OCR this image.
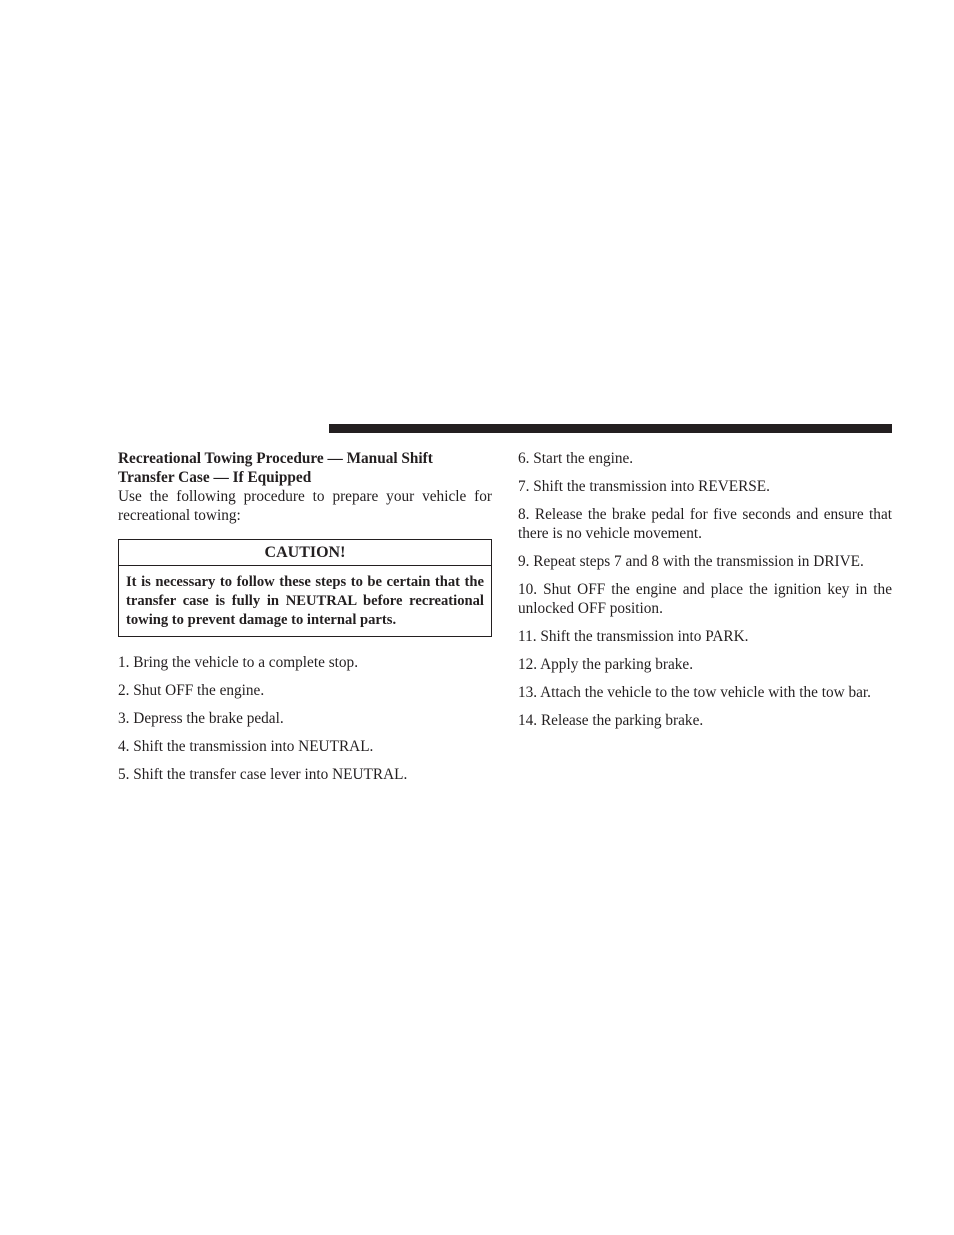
Recreational Towing Procedure — Manual Shift Transfer Case — If Equipped

Use the following procedure to prepare your vehicle for recreational towing:

CAUTION!
It is necessary to follow these steps to be certain that the transfer case is fully in NEUTRAL before recreational towing to prevent damage to internal parts.

1. Bring the vehicle to a complete stop.

2. Shut OFF the engine.

3. Depress the brake pedal.

4. Shift the transmission into NEUTRAL.

5. Shift the transfer case lever into NEUTRAL.

6. Start the engine.

7. Shift the transmission into REVERSE.

8. Release the brake pedal for five seconds and ensure that there is no vehicle movement.

9. Repeat steps 7 and 8 with the transmission in DRIVE.

10. Shut OFF the engine and place the ignition key in the unlocked OFF position.

11. Shift the transmission into PARK.

12. Apply the parking brake.

13. Attach the vehicle to the tow vehicle with the tow bar.

14. Release the parking brake.
